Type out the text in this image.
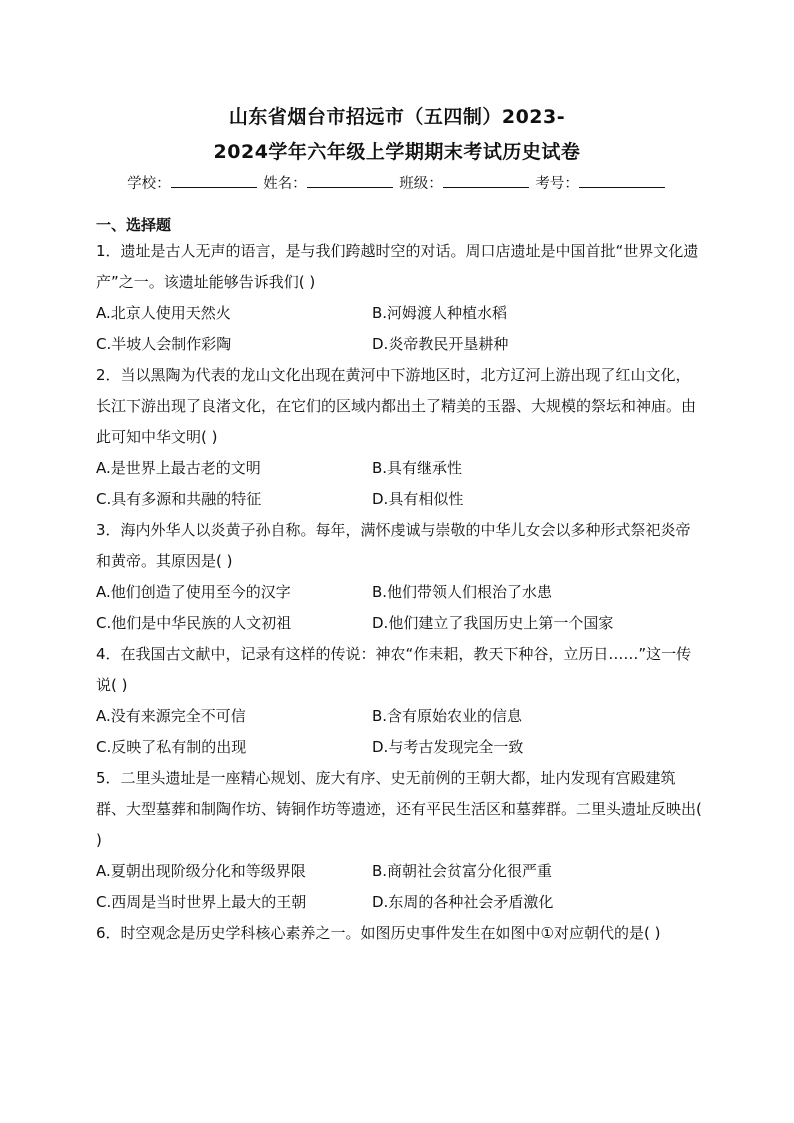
山东省烟台市招远市（五四制）2023-
2024学年六年级上学期期末考试历史试卷
学校：	姓名：	班级：	考号：
一、选择题

1．遗址是古人无声的语言，是与我们跨越时空的对话。周口店遗址是中国首批“世界文化遗产”之一。该遗址能够告诉我们( )

A.北京人使用天然火	B.河姆渡人种植水稻
C.半坡人会制作彩陶	D.炎帝教民开垦耕种

2．当以黑陶为代表的龙山文化出现在黄河中下游地区时，北方辽河上游出现了红山文化，长江下游出现了良渚文化，在它们的区域内都出土了精美的玉器、大规模的祭坛和神庙。由此可知中华文明( )

A.是世界上最古老的文明	B.具有继承性
C.具有多源和共融的特征	D.具有相似性

3．海内外华人以炎黄子孙自称。每年，满怀虔诚与崇敬的中华儿女会以多种形式祭祀炎帝和黄帝。其原因是( )

A.他们创造了使用至今的汉字	B.他们带领人们根治了水患
C.他们是中华民族的人文初祖	D.他们建立了我国历史上第一个国家

4．在我国古文献中，记录有这样的传说：神农“作耒耜，教天下种谷，立历日……”这一传说( )

A.没有来源完全不可信	B.含有原始农业的信息
C.反映了私有制的出现	D.与考古发现完全一致

5．二里头遗址是一座精心规划、庞大有序、史无前例的王朝大都，址内发现有宫殿建筑群、大型墓葬和制陶作坊、铸铜作坊等遗迹，还有平民生活区和墓葬群。二里头遗址反映出( )

A.夏朝出现阶级分化和等级界限	B.商朝社会贫富分化很严重
C.西周是当时世界上最大的王朝	D.东周的各种社会矛盾激化

6．时空观念是历史学科核心素养之一。如图历史事件发生在如图中①对应朝代的是( )
